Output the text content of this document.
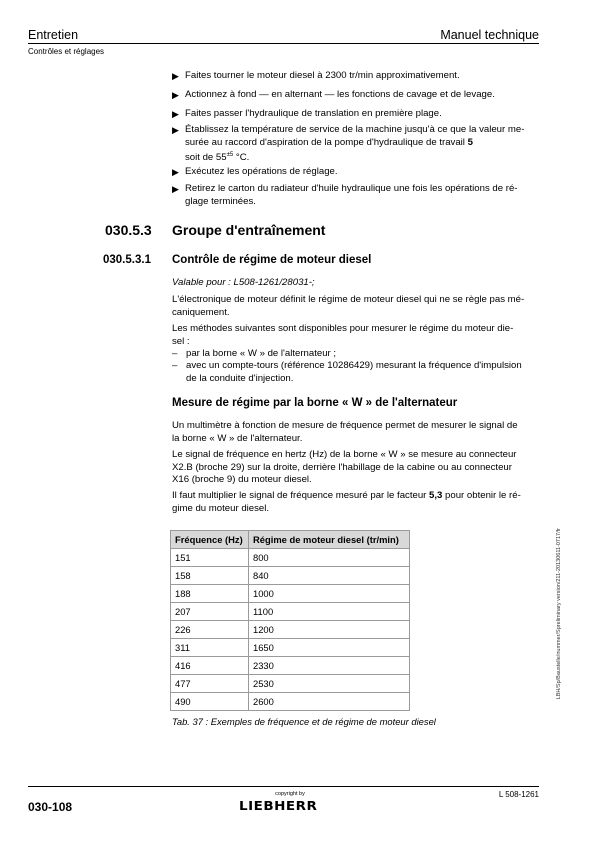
Entretien	Manuel technique
Contrôles et réglages
▶ Faites tourner le moteur diesel à 2300 tr/min approximativement.
▶ Actionnez à fond — en alternant — les fonctions de cavage et de levage.
▶ Faites passer l'hydraulique de translation en première plage.
▶ Établissez la température de service de la machine jusqu'à ce que la valeur me-
surée au raccord d'aspiration de la pompe d'hydraulique de travail 5
soit de $55^{\pm 5}$ °C.
▶ Exécutez les opérations de réglage.
▶ Retirez le carton du radiateur d'huile hydraulique une fois les opérations de ré-
glage terminées.
030.5.3 Groupe d'entraînement
030.5.3.1 Contrôle de régime de moteur diesel
Valable pour : L508-1261/28031-;
L'électronique de moteur définit le régime de moteur diesel qui ne se règle pas mé-
caniquement.
Les méthodes suivantes sont disponibles pour mesurer le régime du moteur die-
sel :
– par la borne « W » de l'alternateur ;
– avec un compte-tours (référence 10286429) mesurant la fréquence d'impulsion
de la conduite d'injection.
Mesure de régime par la borne « W » de l'alternateur
Un multimètre à fonction de mesure de fréquence permet de mesurer le signal de
la borne « W » de l'alternateur.
Le signal de fréquence en hertz (Hz) de la borne « W » se mesure au connecteur
X2.B (broche 29) sur la droite, derrière l'habillage de la cabine ou au connecteur
X16 (broche 9) du moteur diesel.
Il faut multiplier le signal de fréquence mesuré par le facteur 5,3 pour obtenir le ré-
gime du moteur diesel.
Fréquence (Hz)	Régime de moteur diesel (tr/min)
151	800
158	840
188	1000
207	1100
226	1200
311	1650
416	2330
477	2530
490	2600
Tab. 37 : Exemples de fréquence et de régime de moteur diesel
LBH/Sp/Baustelle/nummer/Spreliminary version/211-20130611-0717/fr
L 508-1261
030-108
copyright by
LIEBHERR
